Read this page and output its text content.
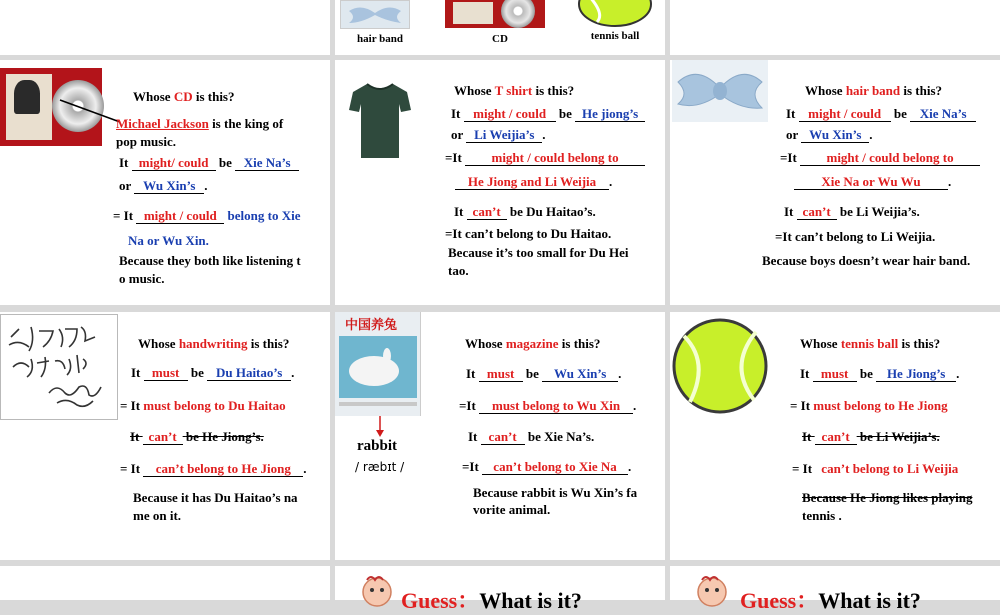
hair band	CD	tennis ball
Whose CD is this?
Michael Jackson is the king of
pop music.
It might/ could be Xie Na’s
or Wu Xin’s .
= It might / could belong to Xie
Na or Wu Xin.
Because they both like listening t
o music.
Whose T shirt is this?
It might / could be He jiong’s
or Li Weijia’s .
=It might / could belong to
He Jiong and Li Weijia .
It can’t be Du Haitao’s.
=It can’t belong to Du Haitao.
Because it’s too small for Du Hei
tao.
Whose hair band is this?
It might / could be Xie Na’s
or Wu Xin’s .
=It might / could belong to
Xie Na or Wu Wu .
It can’t be Li Weijia’s.
=It can’t belong to Li Weijia.
Because boys doesn’t wear hair band.
Whose handwriting is this?
It must be Du Haitao’s .
= It must belong to Du Haitao
It can’t be He Jiong’s.
= It can’t belong to He Jiong .
Because it has Du Haitao’s na
me on it.
中国养兔
rabbit
/ ræbɪt /
Whose magazine is this?
It must be Wu Xin’s .
=It must belong to Wu Xin .
It can’t be Xie Na’s.
=It can’t belong to Xie Na .
Because rabbit is Wu Xin’s fa
vorite animal.
Whose tennis ball is this?
It must be He Jiong’s .
= It must belong to He Jiong
It can’t be Li Weijia’s.
= It can’t belong to Li Weijia
Because He Jiong likes playing
tennis .
Guess：What is it?	Guess：What is it?
